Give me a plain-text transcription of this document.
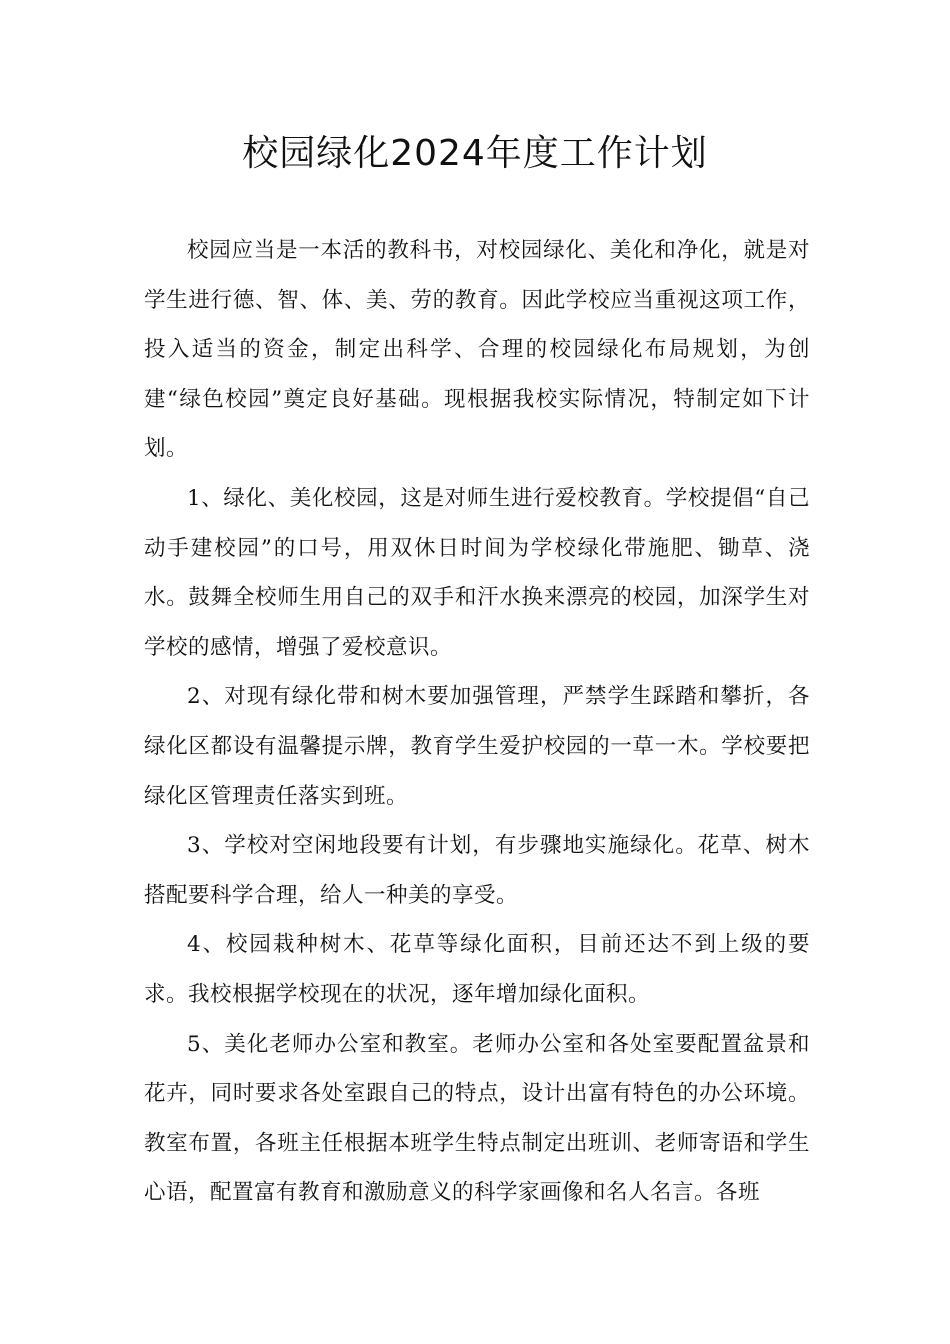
校园绿化2024年度工作计划

校园应当是一本活的教科书，对校园绿化、美化和净化，就是对学生进行德、智、体、美、劳的教育。因此学校应当重视这项工作，投入适当的资金，制定出科学、合理的校园绿化布局规划，为创建“绿色校园”奠定良好基础。现根据我校实际情况，特制定如下计划。

1、绿化、美化校园，这是对师生进行爱校教育。学校提倡“自己动手建校园”的口号，用双休日时间为学校绿化带施肥、锄草、浇水。鼓舞全校师生用自己的双手和汗水换来漂亮的校园，加深学生对学校的感情，增强了爱校意识。

2、对现有绿化带和树木要加强管理，严禁学生踩踏和攀折，各绿化区都设有温馨提示牌，教育学生爱护校园的一草一木。学校要把绿化区管理责任落实到班。

3、学校对空闲地段要有计划，有步骤地实施绿化。花草、树木搭配要科学合理，给人一种美的享受。

4、校园栽种树木、花草等绿化面积，目前还达不到上级的要求。我校根据学校现在的状况，逐年增加绿化面积。

5、美化老师办公室和教室。老师办公室和各处室要配置盆景和花卉，同时要求各处室跟自己的特点，设计出富有特色的办公环境。教室布置，各班主任根据本班学生特点制定出班训、老师寄语和学生心语，配置富有教育和激励意义的科学家画像和名人名言。各班
